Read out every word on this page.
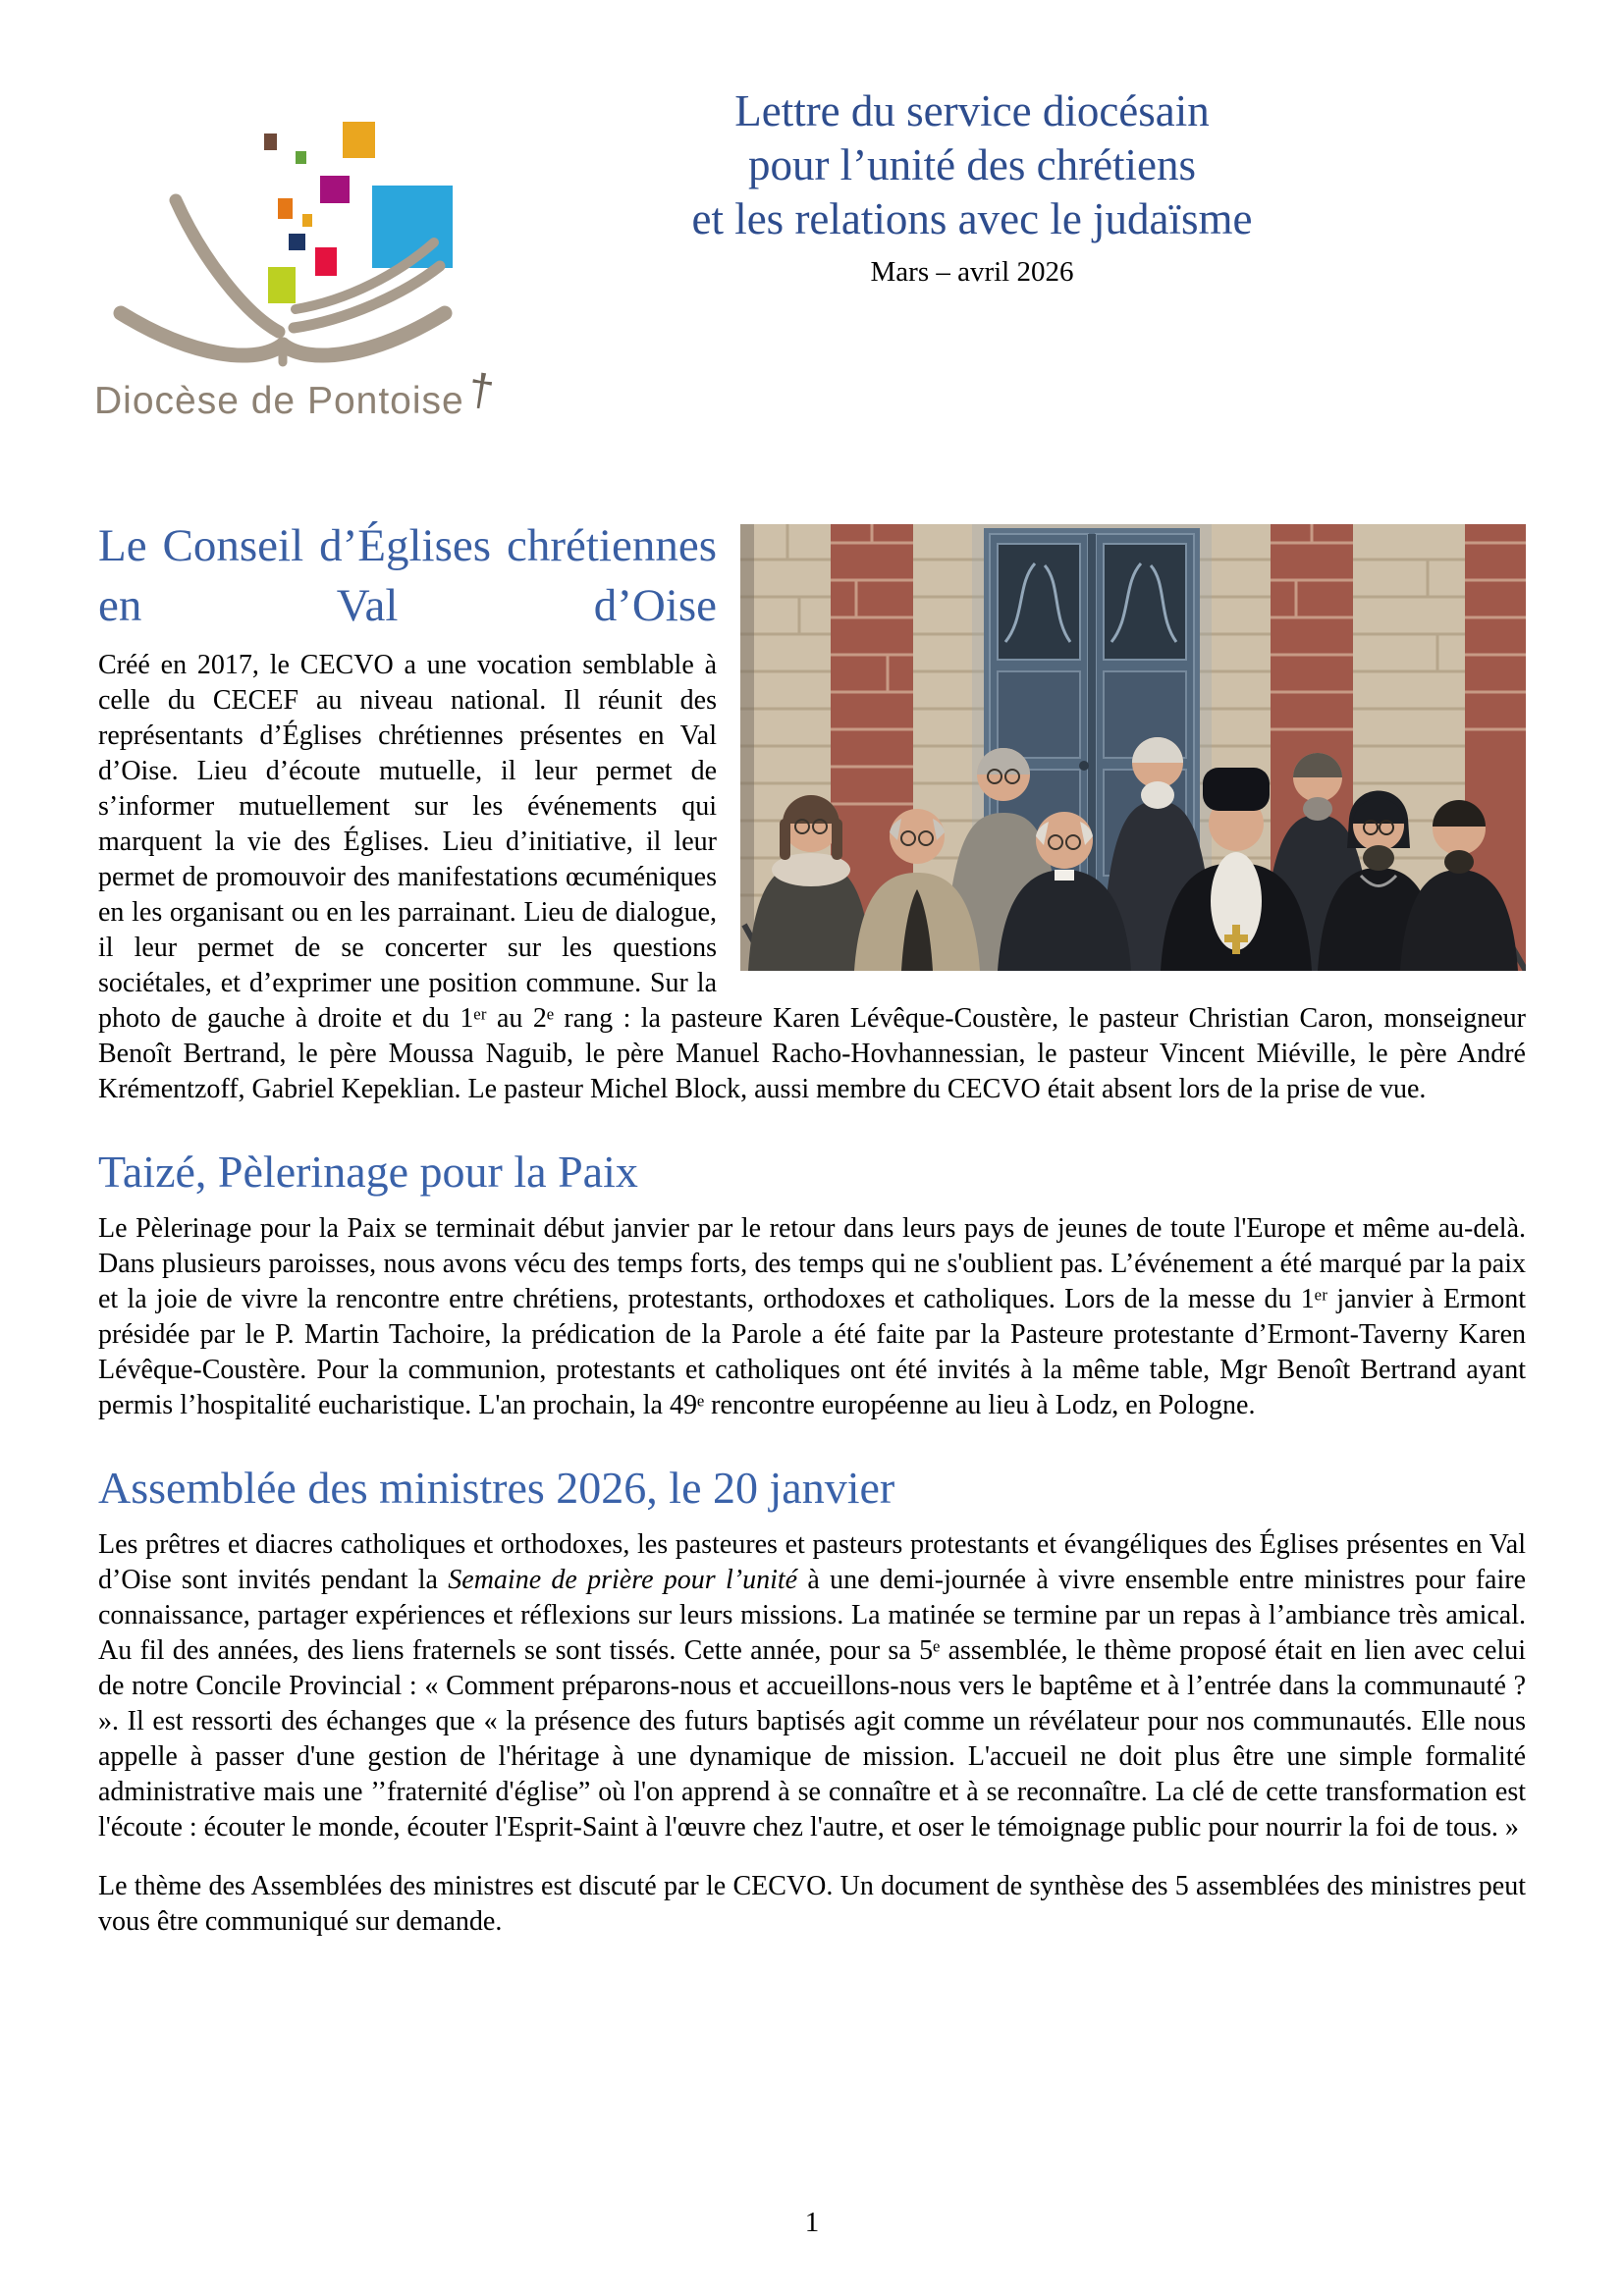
Diocèse de Pontoise†
Lettre du service diocésain
pour l’unité des chrétiens
et les relations avec le judaïsme
Mars – avril 2026
Le Conseil d’Églises chrétiennes en Val d’Oise

Créé en 2017, le CECVO a une vocation semblable à celle du CECEF au niveau national. Il réunit des représentants d’Églises chrétiennes présentes en Val d’Oise. Lieu d’écoute mutuelle, il leur permet de s’informer mutuellement sur les événements qui marquent la vie des Églises. Lieu d’initiative, il leur permet de promouvoir des manifestations œcuméniques en les organisant ou en les parrainant. Lieu de dialogue, il leur permet de se concerter sur les questions sociétales, et d’exprimer une position commune. Sur la photo de gauche à droite et du 1ᵉʳ au 2ᵉ rang : la pasteure Karen Lévêque-Coustère, le pasteur Christian Caron, monseigneur Benoît Bertrand, le père Moussa Naguib, le père Manuel Racho-Hovhannessian, le pasteur Vincent Miéville, le père André Krémentzoff, Gabriel Kepeklian. Le pasteur Michel Block, aussi membre du CECVO était absent lors de la prise de vue.

Taizé, Pèlerinage pour la Paix

Le Pèlerinage pour la Paix se terminait début janvier par le retour dans leurs pays de jeunes de toute l'Europe et même au-delà. Dans plusieurs paroisses, nous avons vécu des temps forts, des temps qui ne s'oublient pas. L’événement a été marqué par la paix et la joie de vivre la rencontre entre chrétiens, protestants, orthodoxes et catholiques. Lors de la messe du 1ᵉʳ janvier à Ermont présidée par le P. Martin Tachoire, la prédication de la Parole a été faite par la Pasteure protestante d’Ermont-Taverny Karen Lévêque-Coustère. Pour la communion, protestants et catholiques ont été invités à la même table, Mgr Benoît Bertrand ayant permis l’hospitalité eucharistique. L'an prochain, la 49ᵉ rencontre européenne au lieu à Lodz, en Pologne.

Assemblée des ministres 2026, le 20 janvier

Les prêtres et diacres catholiques et orthodoxes, les pasteures et pasteurs protestants et évangéliques des Églises présentes en Val d’Oise sont invités pendant la Semaine de prière pour l’unité à une demi-journée à vivre ensemble entre ministres pour faire connaissance, partager expériences et réflexions sur leurs missions. La matinée se termine par un repas à l’ambiance très amical. Au fil des années, des liens fraternels se sont tissés. Cette année, pour sa 5ᵉ assemblée, le thème proposé était en lien avec celui de notre Concile Provincial : « Comment préparons-nous et accueillons-nous vers le baptême et à l’entrée dans la communauté ? ». Il est ressorti des échanges que « la présence des futurs baptisés agit comme un révélateur pour nos communautés. Elle nous appelle à passer d'une gestion de l'héritage à une dynamique de mission. L'accueil ne doit plus être une simple formalité administrative mais une ’’fraternité d'église” où l'on apprend à se connaître et à se reconnaître. La clé de cette transformation est l'écoute : écouter le monde, écouter l'Esprit-Saint à l'œuvre chez l'autre, et oser le témoignage public pour nourrir la foi de tous. »

Le thème des Assemblées des ministres est discuté par le CECVO. Un document de synthèse des 5 assemblées des ministres peut vous être communiqué sur demande.

1
